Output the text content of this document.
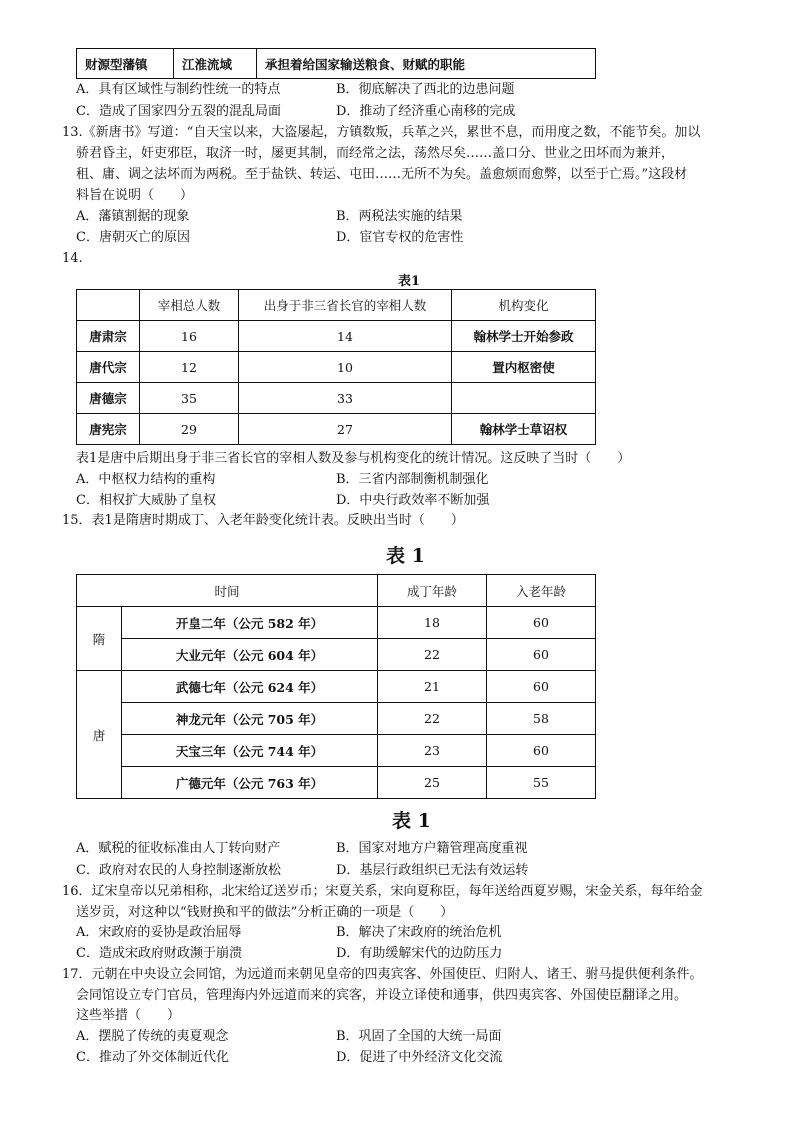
财源型藩镇	江淮流域	承担着给国家输送粮食、财赋的职能
A．具有区域性与制约性统一的特点	B．彻底解决了西北的边患问题
C．造成了国家四分五裂的混乱局面	D．推动了经济重心南移的完成
13.《新唐书》写道：“自天宝以来，大盗屡起，方镇数叛，兵革之兴，累世不息，而用度之数，不能节矣。加以
骄君昏主，奸吏邪臣，取济一时，屡更其制，而经常之法，荡然尽矣……盖口分、世业之田坏而为兼并，
租、庸、调之法坏而为两税。至于盐铁、转运、屯田……无所不为矣。盖愈烦而愈弊，以至于亡焉。”这段材
料旨在说明（　　）
A．藩镇割据的现象	B．两税法实施的结果
C．唐朝灭亡的原因	D．宦官专权的危害性
14.
表1
	宰相总人数	出身于非三省长官的宰相人数	机构变化
唐肃宗	16	14	翰林学士开始参政
唐代宗	12	10	置内枢密使
唐德宗	35	33	
唐宪宗	29	27	翰林学士草诏权
表1是唐中后期出身于非三省长官的宰相人数及参与机构变化的统计情况。这反映了当时（　　）
A．中枢权力结构的重构	B．三省内部制衡机制强化
C．相权扩大威胁了皇权	D．中央行政效率不断加强
15．表1是隋唐时期成丁、入老年龄变化统计表。反映出当时（　　）
表 1
时间		成丁年龄	入老年龄
隋	开皇二年（公元 582 年）	18	60
	大业元年（公元 604 年）	22	60
唐	武德七年（公元 624 年）	21	60
	神龙元年（公元 705 年）	22	58
	天宝三年（公元 744 年）	23	60
	广德元年（公元 763 年）	25	55
表 1
A．赋税的征收标准由人丁转向财产	B．国家对地方户籍管理高度重视
C．政府对农民的人身控制逐渐放松	D．基层行政组织已无法有效运转
16．辽宋皇帝以兄弟相称，北宋给辽送岁币；宋夏关系，宋向夏称臣，每年送给西夏岁赐，宋金关系，每年给金
送岁贡，对这种以“钱财换和平的做法”分析正确的一项是（　　）
A．宋政府的妥协是政治屈辱	B．解决了宋政府的统治危机
C．造成宋政府财政濒于崩溃	D．有助缓解宋代的边防压力
17．元朝在中央设立会同馆，为远道而来朝见皇帝的四夷宾客、外国使臣、归附人、诸王、驸马提供便利条件。
会同馆设立专门官员，管理海内外远道而来的宾客，并设立译使和通事，供四夷宾客、外国使臣翻译之用。
这些举措（　　）
A．摆脱了传统的夷夏观念	B．巩固了全国的大统一局面
C．推动了外交体制近代化	D．促进了中外经济文化交流
